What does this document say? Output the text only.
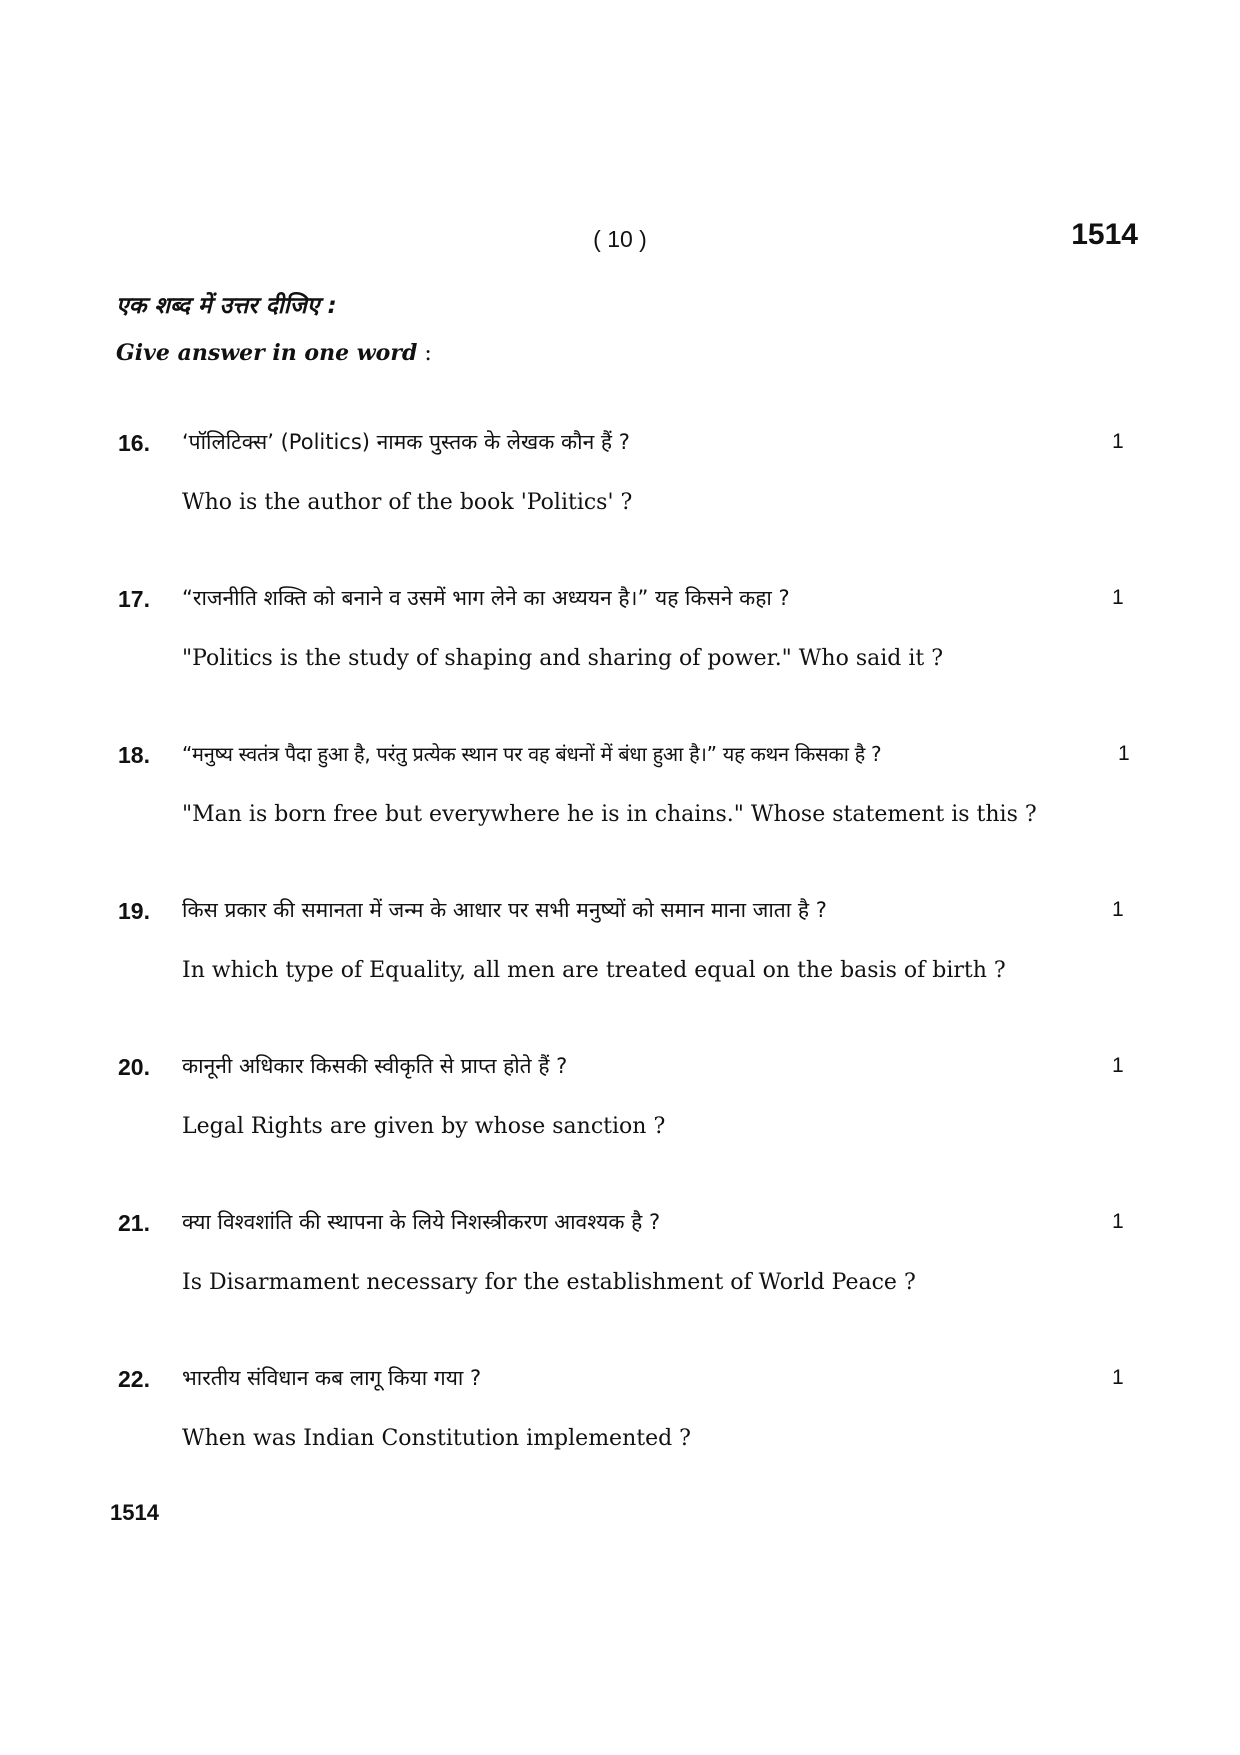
( 10 )	1514
एक शब्द में उत्तर दीजिए :
Give answer in one word :
16.	‘पॉलिटिक्स’ (Politics) नामक पुस्तक के लेखक कौन हैं ?
Who is the author of the book 'Politics' ?
1
17.	“राजनीति शक्ति को बनाने व उसमें भाग लेने का अध्ययन है।” यह किसने कहा ?
"Politics is the study of shaping and sharing of power." Who said it ?
1
18.	“मनुष्य स्वतंत्र पैदा हुआ है, परंतु प्रत्येक स्थान पर वह बंधनों में बंधा हुआ है।” यह कथन किसका है ?
"Man is born free but everywhere he is in chains." Whose statement is this ?
1
19.	किस प्रकार की समानता में जन्म के आधार पर सभी मनुष्यों को समान माना जाता है ?
In which type of Equality, all men are treated equal on the basis of birth ?
1
20.	कानूनी अधिकार किसकी स्वीकृति से प्राप्त होते हैं ?
Legal Rights are given by whose sanction ?
1
21.	क्या विश्वशांति की स्थापना के लिये निशस्त्रीकरण आवश्यक है ?
Is Disarmament necessary for the establishment of World Peace ?
1
22.	भारतीय संविधान कब लागू किया गया ?
When was Indian Constitution implemented ?
1
1514
